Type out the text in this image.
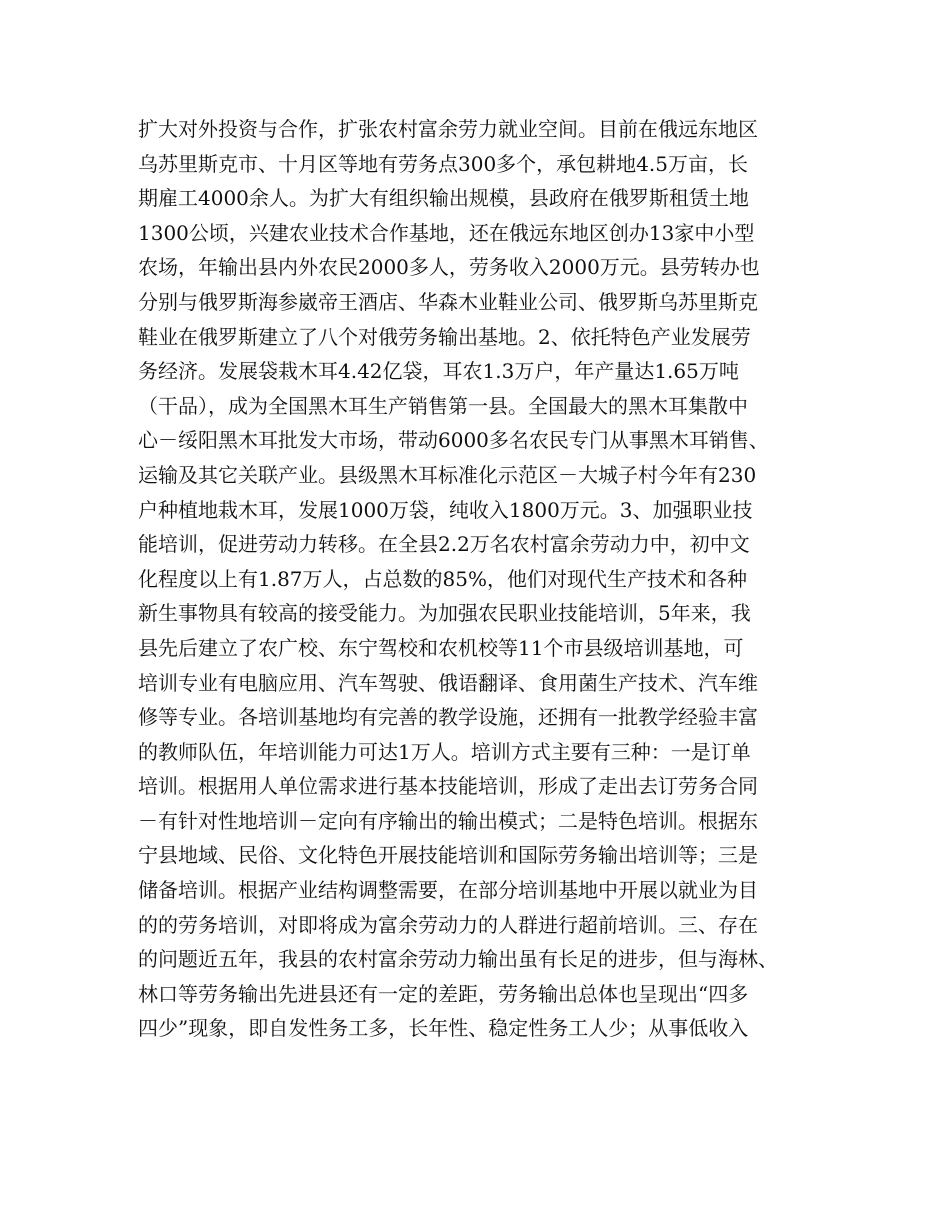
扩大对外投资与合作，扩张农村富余劳力就业空间。目前在俄远东地区
乌苏里斯克市、十月区等地有劳务点300多个，承包耕地4.5万亩，长
期雇工4000余人。为扩大有组织输出规模，县政府在俄罗斯租赁土地
1300公顷，兴建农业技术合作基地，还在俄远东地区创办13家中小型
农场，年输出县内外农民2000多人，劳务收入2000万元。县劳转办也
分别与俄罗斯海参崴帝王酒店、华森木业鞋业公司、俄罗斯乌苏里斯克
鞋业在俄罗斯建立了八个对俄劳务输出基地。2、依托特色产业发展劳
务经济。发展袋栽木耳4.42亿袋，耳农1.3万户，年产量达1.65万吨
（干品），成为全国黑木耳生产销售第一县。全国最大的黑木耳集散中
心－绥阳黑木耳批发大市场，带动6000多名农民专门从事黑木耳销售、
运输及其它关联产业。县级黑木耳标准化示范区－大城子村今年有230
户种植地栽木耳，发展1000万袋，纯收入1800万元。3、加强职业技
能培训，促进劳动力转移。在全县2.2万名农村富余劳动力中，初中文
化程度以上有1.87万人，占总数的85%，他们对现代生产技术和各种
新生事物具有较高的接受能力。为加强农民职业技能培训，5年来，我
县先后建立了农广校、东宁驾校和农机校等11个市县级培训基地，可
培训专业有电脑应用、汽车驾驶、俄语翻译、食用菌生产技术、汽车维
修等专业。各培训基地均有完善的教学设施，还拥有一批教学经验丰富
的教师队伍，年培训能力可达1万人。培训方式主要有三种：一是订单
培训。根据用人单位需求进行基本技能培训，形成了走出去订劳务合同
－有针对性地培训－定向有序输出的输出模式；二是特色培训。根据东
宁县地域、民俗、文化特色开展技能培训和国际劳务输出培训等；三是
储备培训。根据产业结构调整需要，在部分培训基地中开展以就业为目
的的劳务培训，对即将成为富余劳动力的人群进行超前培训。三、存在
的问题近五年，我县的农村富余劳动力输出虽有长足的进步，但与海林、
林口等劳务输出先进县还有一定的差距，劳务输出总体也呈现出“四多
四少”现象，即自发性务工多，长年性、稳定性务工人少；从事低收入
